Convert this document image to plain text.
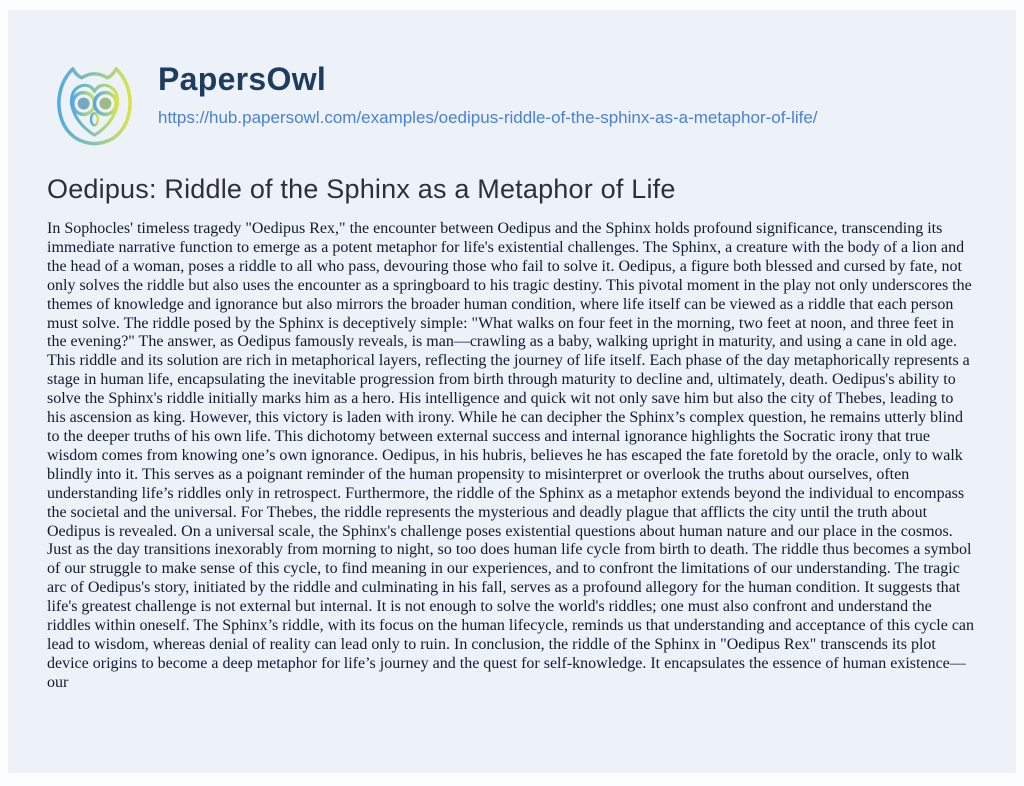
PapersOwl
https://hub.papersowl.com/examples/oedipus-riddle-of-the-sphinx-as-a-metaphor-of-life/
Oedipus: Riddle of the Sphinx as a Metaphor of Life

In Sophocles' timeless tragedy "Oedipus Rex," the encounter between Oedipus and the Sphinx holds profound significance, transcending its immediate narrative function to emerge as a potent metaphor for life's existential challenges. The Sphinx, a creature with the body of a lion and the head of a woman, poses a riddle to all who pass, devouring those who fail to solve it. Oedipus, a figure both blessed and cursed by fate, not only solves the riddle but also uses the encounter as a springboard to his tragic destiny. This pivotal moment in the play not only underscores the themes of knowledge and ignorance but also mirrors the broader human condition, where life itself can be viewed as a riddle that each person must solve. The riddle posed by the Sphinx is deceptively simple: "What walks on four feet in the morning, two feet at noon, and three feet in the evening?" The answer, as Oedipus famously reveals, is man—crawling as a baby, walking upright in maturity, and using a cane in old age. This riddle and its solution are rich in metaphorical layers, reflecting the journey of life itself. Each phase of the day metaphorically represents a stage in human life, encapsulating the inevitable progression from birth through maturity to decline and, ultimately, death. Oedipus's ability to solve the Sphinx's riddle initially marks him as a hero. His intelligence and quick wit not only save him but also the city of Thebes, leading to his ascension as king. However, this victory is laden with irony. While he can decipher the Sphinx’s complex question, he remains utterly blind to the deeper truths of his own life. This dichotomy between external success and internal ignorance highlights the Socratic irony that true wisdom comes from knowing one’s own ignorance. Oedipus, in his hubris, believes he has escaped the fate foretold by the oracle, only to walk blindly into it. This serves as a poignant reminder of the human propensity to misinterpret or overlook the truths about ourselves, often understanding life’s riddles only in retrospect. Furthermore, the riddle of the Sphinx as a metaphor extends beyond the individual to encompass the societal and the universal. For Thebes, the riddle represents the mysterious and deadly plague that afflicts the city until the truth about Oedipus is revealed. On a universal scale, the Sphinx's challenge poses existential questions about human nature and our place in the cosmos. Just as the day transitions inexorably from morning to night, so too does human life cycle from birth to death. The riddle thus becomes a symbol of our struggle to make sense of this cycle, to find meaning in our experiences, and to confront the limitations of our understanding. The tragic arc of Oedipus's story, initiated by the riddle and culminating in his fall, serves as a profound allegory for the human condition. It suggests that life's greatest challenge is not external but internal. It is not enough to solve the world's riddles; one must also confront and understand the riddles within oneself. The Sphinx’s riddle, with its focus on the human lifecycle, reminds us that understanding and acceptance of this cycle can lead to wisdom, whereas denial of reality can lead only to ruin. In conclusion, the riddle of the Sphinx in "Oedipus Rex" transcends its plot device origins to become a deep metaphor for life’s journey and the quest for self-knowledge. It encapsulates the essence of human existence—our
